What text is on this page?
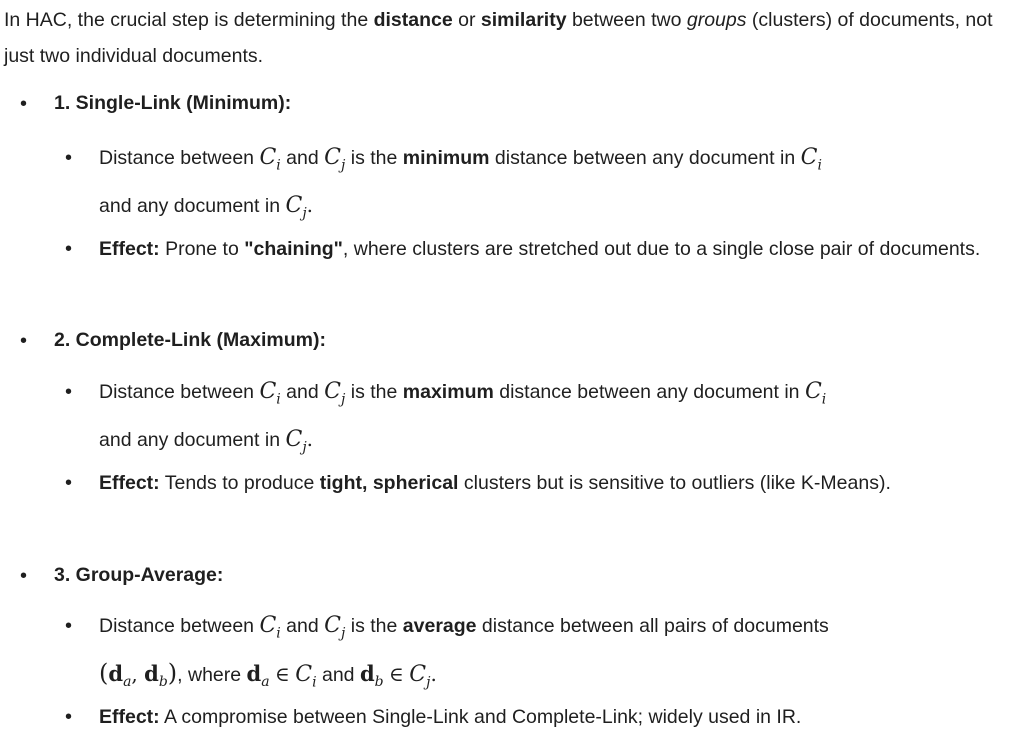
In HAC, the crucial step is determining the distance or similarity between two groups (clusters) of documents, not just two individual documents.

• 1. Single-Link (Minimum):
• Distance between $C_i$ and $C_j$ is the minimum distance between any document in $C_i$
and any document in $C_j$.
• Effect: Prone to "chaining", where clusters are stretched out due to a single close pair of documents.
• 2. Complete-Link (Maximum):
• Distance between $C_i$ and $C_j$ is the maximum distance between any document in $C_i$
and any document in $C_j$.
• Effect: Tends to produce tight, spherical clusters but is sensitive to outliers (like K-Means).
• 3. Group-Average:
• Distance between $C_i$ and $C_j$ is the average distance between all pairs of documents
($d_a$, $d_b$), where $d_a$ ∈ $C_i$ and $d_b$ ∈ $C_j$.
• Effect: A compromise between Single-Link and Complete-Link; widely used in IR.
